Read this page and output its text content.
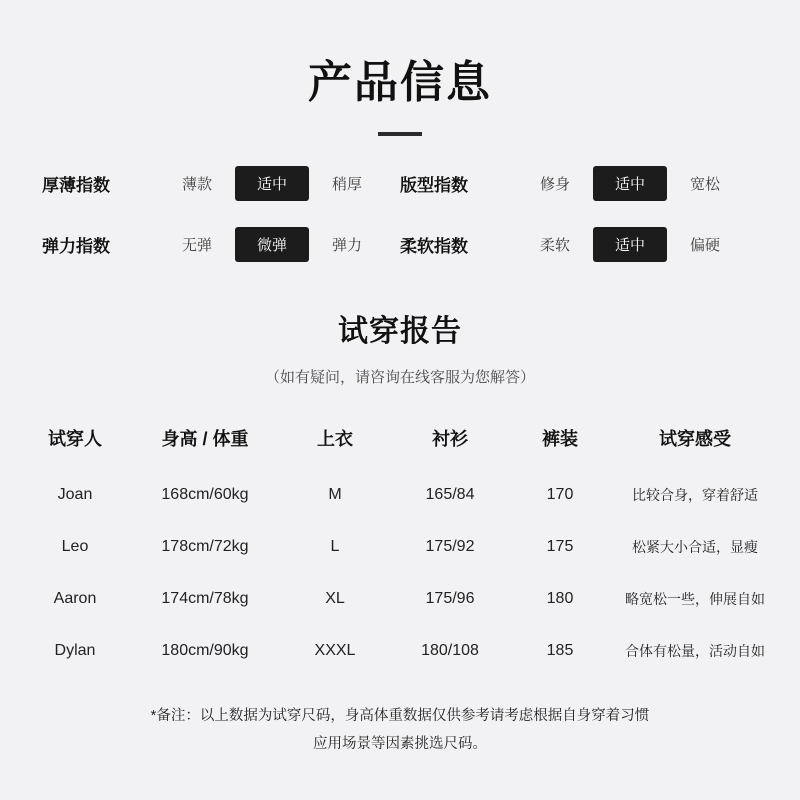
产品信息
厚薄指数	薄款	适中	稍厚	版型指数	修身	适中	宽松
弹力指数	无弹	微弹	弹力	柔软指数	柔软	适中	偏硬
试穿报告
（如有疑问，请咨询在线客服为您解答）
试穿人	身高 / 体重	上衣	衬衫	裤装	试穿感受
Joan	168cm/60kg	M	165/84	170	比较合身，穿着舒适
Leo	178cm/72kg	L	175/92	175	松紧大小合适，显瘦
Aaron	174cm/78kg	XL	175/96	180	略宽松一些，伸展自如
Dylan	180cm/90kg	XXXL	180/108	185	合体有松量，活动自如
*备注：以上数据为试穿尺码，身高体重数据仅供参考请考虑根据自身穿着习惯
应用场景等因素挑选尺码。
